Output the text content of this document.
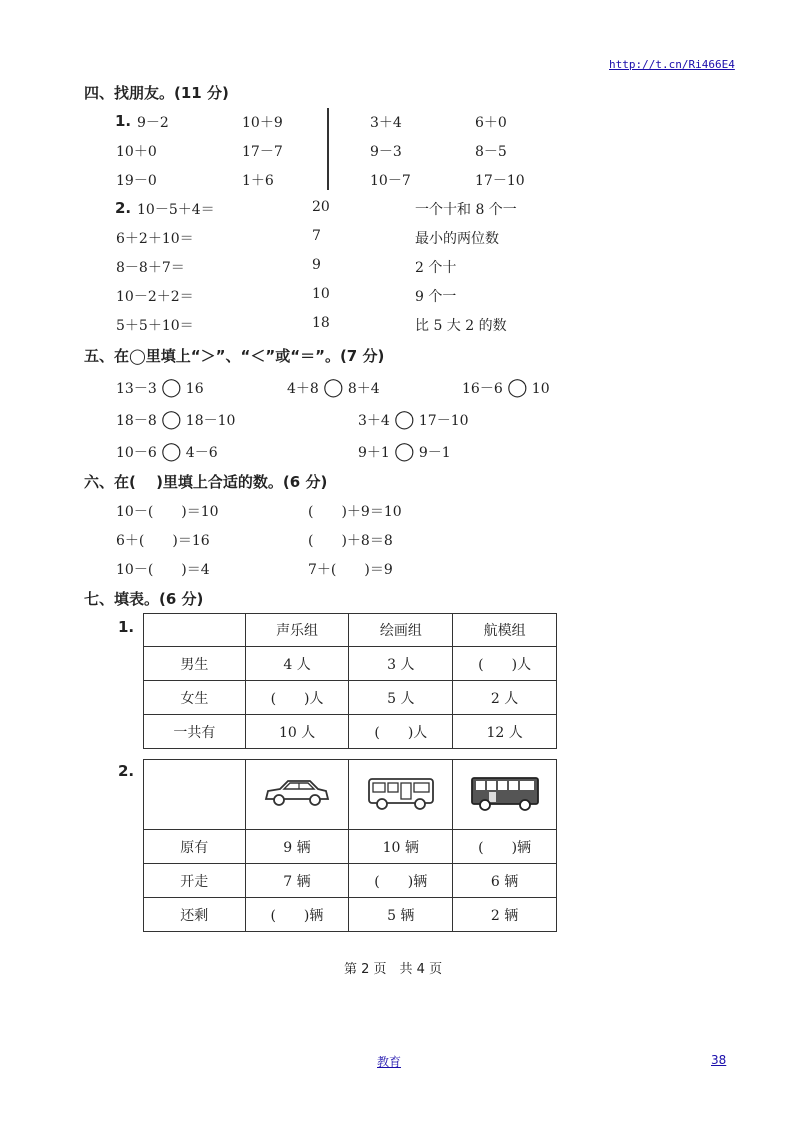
http://t.cn/Ri466E4
四、找朋友。(11 分)
1. 9－2	10＋9	3＋4	6＋0
10＋0	17－7	9－3	8－5
19－0	1＋6	10－7	17－10
2. 10－5＋4＝	20	一个十和 8 个一
6＋2＋10＝	7	最小的两位数
8－8＋7＝	9	2 个十
10－2＋2＝	10	9 个一
5＋5＋10＝	18	比 5 大 2 的数
五、在◯里填上“＞”、“＜”或“＝”。(7 分)
13－3 ◯ 16	4＋8 ◯ 8＋4	16－6 ◯ 10
18－8 ◯ 18－10	3＋4 ◯ 17－10
10－6 ◯ 4－6	9＋1 ◯ 9－1
六、在(　 )里填上合适的数。(6 分)
10－(　　)＝10	(　　)＋9＝10
6＋(　　)＝16	(　　)＋8＝8
10－(　　)＝4	7＋(　　)＝9
七、填表。(6 分)
1.
		声乐组	绘画组	航模组
男生	4 人	3 人	(　　)人
女生	(　　)人	5 人	2 人
一共有	10 人	(　　)人	12 人
2.

原有	9 辆	10 辆	(　　)辆
开走	7 辆	(　　)辆	6 辆
还剩	(　　)辆	5 辆	2 辆
第 2 页　共 4 页
教育	38
